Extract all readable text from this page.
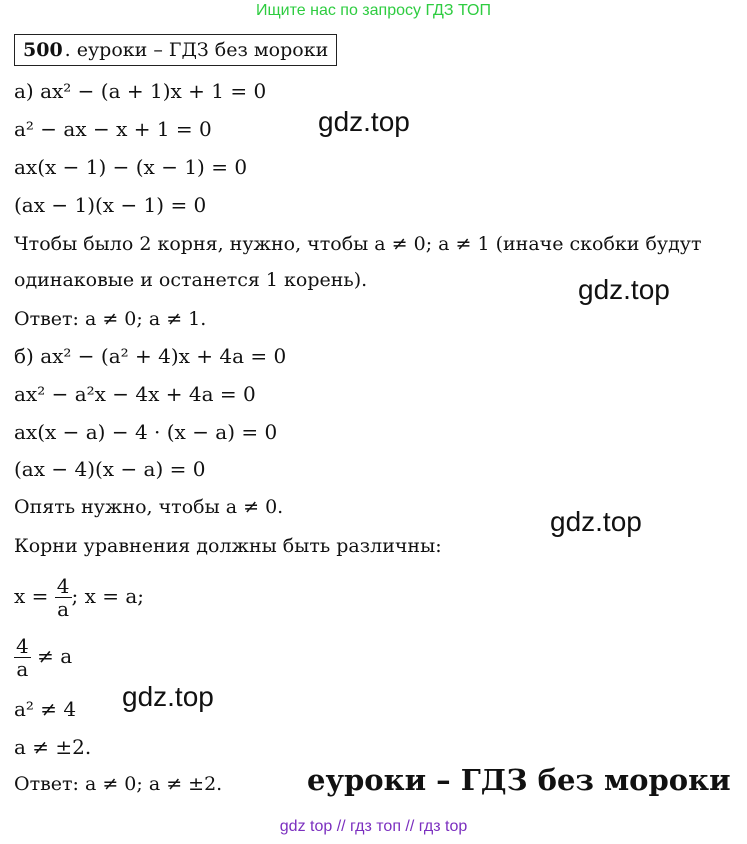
Ищите нас по запросу ГДЗ ТОП
500 . еуроки – ГДЗ без мороки
а) ax² − (a + 1)x + 1 = 0
a² − ax − x + 1 = 0
ax(x − 1) − (x − 1) = 0
(ax − 1)(x − 1) = 0
Чтобы было 2 корня, нужно, чтобы a ≠ 0; a ≠ 1 (иначе скобки будут
одинаковые и останется 1 корень).
Ответ: a ≠ 0; a ≠ 1.
б) ax² − (a² + 4)x + 4a = 0
ax² − a²x − 4x + 4a = 0
ax(x − a) − 4 · (x − a) = 0
(ax − 4)(x − a) = 0
Опять нужно, чтобы a ≠ 0.
Корни уравнения должны быть различны:
$x = \frac{4}{a}$ ; x = a;
$\frac{4}{a} \ne a$
a² ≠ 4
a ≠ ±2.
Ответ: a ≠ 0; a ≠ ±2.
gdz.top
gdz.top
gdz.top
gdz.top
еуроки – ГДЗ без мороки
gdz top // гдз топ // гдз top
